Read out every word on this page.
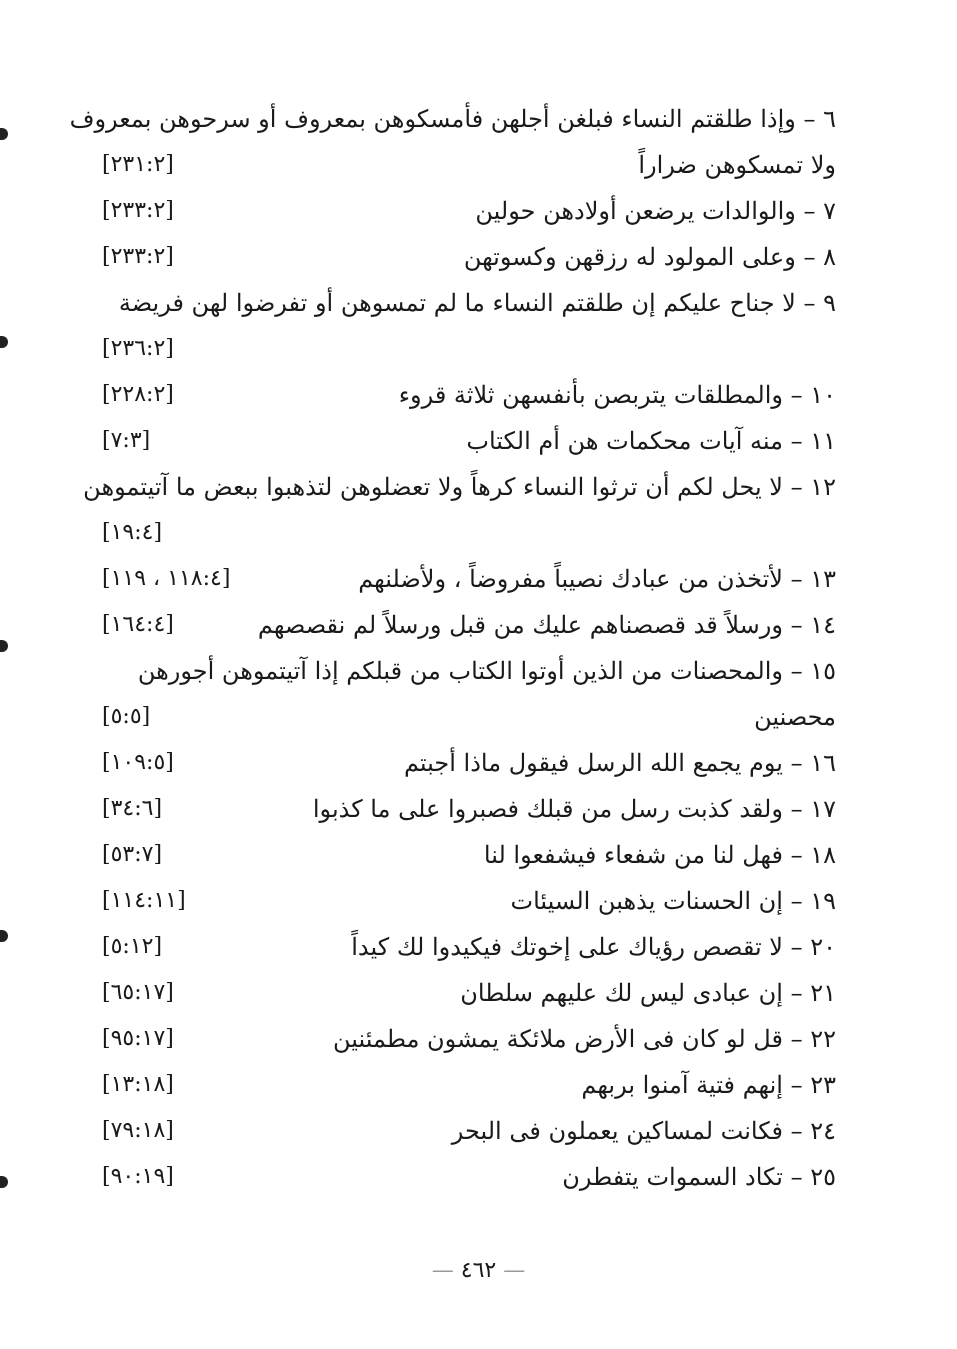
٦ – وإذا طلقتم النساء فبلغن أجلهن فأمسكوهن بمعروف أو سرحوهن بمعروف
ولا تمسكوهن ضراراً
[٢٣١:٢]
٧ – والوالدات يرضعن أولادهن حولين
[٢٣٣:٢]
٨ – وعلى المولود له رزقهن وكسوتهن
[٢٣٣:٢]
٩ – لا جناح عليكم إن طلقتم النساء ما لم تمسوهن أو تفرضوا لهن فريضة
[٢٣٦:٢]
١٠ – والمطلقات يتربصن بأنفسهن ثلاثة قروء
[٢٢٨:٢]
١١ – منه آيات محكمات هن أم الكتاب
[٧:٣]
١٢ – لا يحل لكم أن ترثوا النساء كرهاً ولا تعضلوهن لتذهبوا ببعض ما آتيتموهن
[١٩:٤]
١٣ – لأتخذن من عبادك نصيباً مفروضاً ، ولأضلنهم
[١١٨:٤ ، ١١٩]
١٤ – ورسلاً قد قصصناهم عليك من قبل ورسلاً لم نقصصهم
[١٦٤:٤]
١٥ – والمحصنات من الذين أوتوا الكتاب من قبلكم إذا آتيتموهن أجورهن
محصنين
[٥:٥]
١٦ – يوم يجمع الله الرسل فيقول ماذا أجبتم
[١٠٩:٥]
١٧ – ولقد كذبت رسل من قبلك فصبروا على ما كذبوا
[٣٤:٦]
١٨ – فهل لنا من شفعاء فيشفعوا لنا
[٥٣:٧]
١٩ – إن الحسنات يذهبن السيئات
[١١٤:١١]
٢٠ – لا تقصص رؤياك على إخوتك فيكيدوا لك كيداً
[٥:١٢]
٢١ – إن عبادى ليس لك عليهم سلطان
[٦٥:١٧]
٢٢ – قل لو كان فى الأرض ملائكة يمشون مطمئنين
[٩٥:١٧]
٢٣ – إنهم فتية آمنوا بربهم
[١٣:١٨]
٢٤ – فكانت لمساكين يعملون فى البحر
[٧٩:١٨]
٢٥ – تكاد السموات يتفطرن
[٩٠:١٩]
— ٤٦٢ —
